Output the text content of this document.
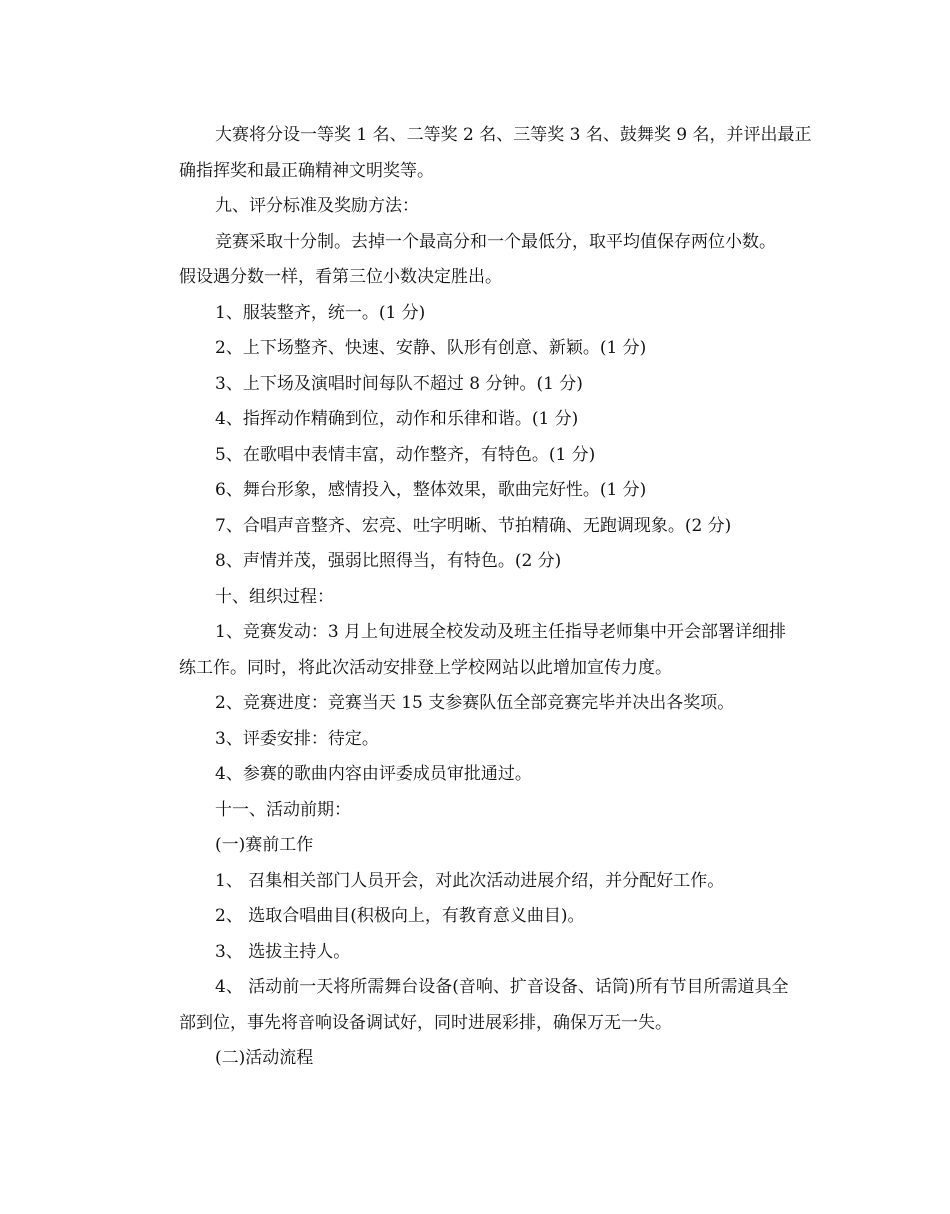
大赛将分设一等奖 1 名、二等奖 2 名、三等奖 3 名、鼓舞奖 9 名，并评出最正
确指挥奖和最正确精神文明奖等。

九、评分标准及奖励方法：

竞赛采取十分制。去掉一个最高分和一个最低分，取平均值保存两位小数。
假设遇分数一样，看第三位小数决定胜出。

1、服装整齐，统一。(1 分)

2、上下场整齐、快速、安静、队形有创意、新颖。(1 分)

3、上下场及演唱时间每队不超过 8 分钟。(1 分)

4、指挥动作精确到位，动作和乐律和谐。(1 分)

5、在歌唱中表情丰富，动作整齐，有特色。(1 分)

6、舞台形象，感情投入，整体效果，歌曲完好性。(1 分)

7、合唱声音整齐、宏亮、吐字明晰、节拍精确、无跑调现象。(2 分)

8、声情并茂，强弱比照得当，有特色。(2 分)

十、组织过程：

1、竞赛发动：3 月上旬进展全校发动及班主任指导老师集中开会部署详细排
练工作。同时，将此次活动安排登上学校网站以此增加宣传力度。

2、竞赛进度：竞赛当天 15 支参赛队伍全部竞赛完毕并决出各奖项。

3、评委安排：待定。

4、参赛的歌曲内容由评委成员审批通过。

十一、活动前期：

(一)赛前工作

1、 召集相关部门人员开会，对此次活动进展介绍，并分配好工作。

2、 选取合唱曲目(积极向上，有教育意义曲目)。

3、 选拔主持人。

4、 活动前一天将所需舞台设备(音响、扩音设备、话筒)所有节目所需道具全
部到位，事先将音响设备调试好，同时进展彩排，确保万无一失。

(二)活动流程
